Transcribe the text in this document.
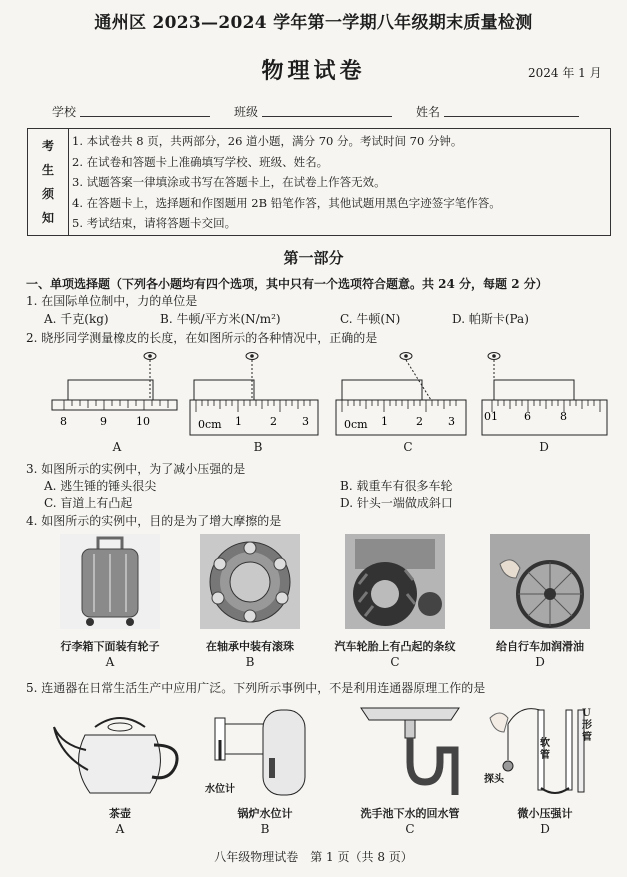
通州区 2023—2024 学年第一学期八年级期末质量检测
物理试卷	2024 年 1 月
学校	班级	姓名
考
生
须
知
1. 本试卷共 8 页，共两部分，26 道小题，满分 70 分。考试时间 70 分钟。
2. 在试卷和答题卡上准确填写学校、班级、姓名。
3. 试题答案一律填涂或书写在答题卡上，在试卷上作答无效。
4. 在答题卡上，选择题和作图题用 2B 铅笔作答，其他试题用黑色字迹签字笔作答。
5. 考试结束，请将答题卡交回。
第一部分
一、单项选择题（下列各小题均有四个选项，其中只有一个选项符合题意。共 24 分，每题 2 分）
1. 在国际单位制中，力的单位是
A. 千克(kg)	B. 牛顿/平方米(N/m²)	C. 牛顿(N)	D. 帕斯卡(Pa)
2. 晓彤同学测量橡皮的长度，在如图所示的各种情况中，正确的是
8	9	10
A
0cm 1	2 3
B
0cm 1	2 3
C
01 6	8
D
3. 如图所示的实例中，为了减小压强的是
A. 逃生锤的锤头很尖	B. 载重车有很多车轮
C. 盲道上有凸起	D. 针头一端做成斜口
4. 如图所示的实例中，目的是为了增大摩擦的是
行李箱下面装有轮子	在轴承中装有滚珠	汽车轮胎上有凸起的条纹	给自行车加润滑油
A	B	C	D
5. 连通器在日常生活生产中应用广泛。下列所示事例中，不是利用连通器原理工作的是
水位计
U形管
软管
探头
茶壶	锅炉水位计	洗手池下水的回水管	微小压强计
A	B	C	D
八年级物理试卷　第 1 页（共 8 页）
